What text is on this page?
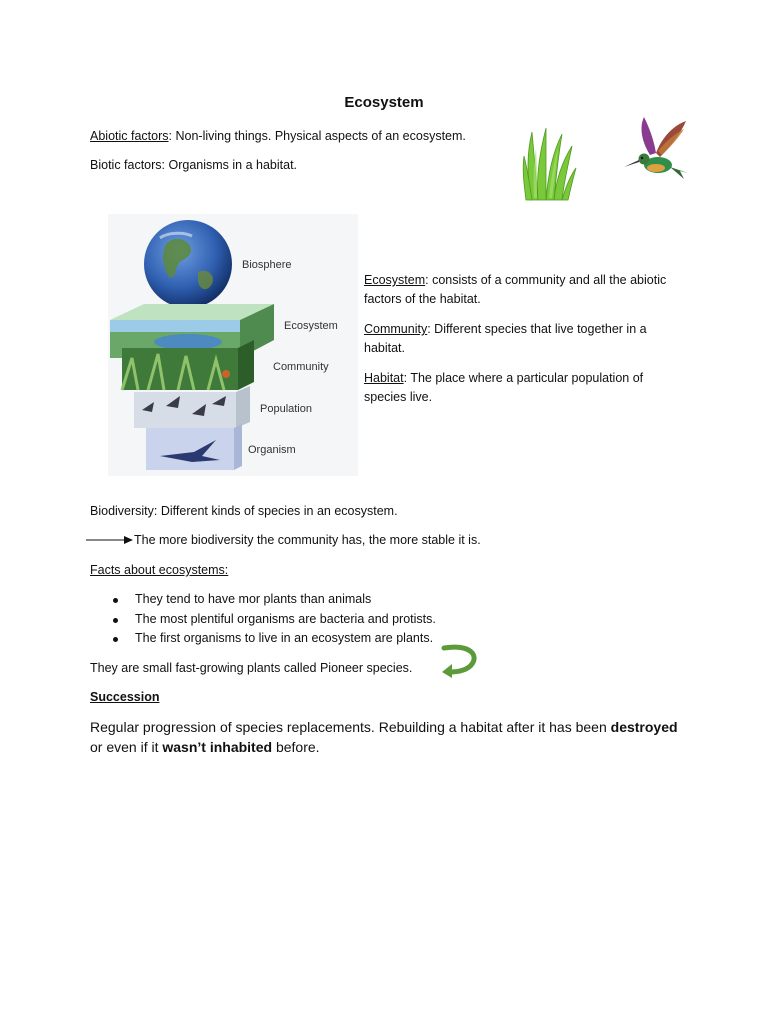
Ecosystem
Abiotic factors: Non-living things. Physical aspects of an ecosystem.
Biotic factors: Organisms in a habitat.
Biosphere
Ecosystem
Community
Population
Organism

Ecosystem: consists of a community and all the abiotic factors of the habitat.

Community: Different species that live together in a habitat.

Habitat: The place where a particular population of species live.

Biodiversity: Different kinds of species in an ecosystem.
The more biodiversity the community has, the more stable it is.
Facts about ecosystems:
They tend to have mor plants than animals
The most plentiful organisms are bacteria and protists.
The first organisms to live in an ecosystem are plants.
They are small fast-growing plants called Pioneer species.
Succession
Regular progression of species replacements. Rebuilding a habitat after it has been destroyed or even if it wasn’t inhabited before.
